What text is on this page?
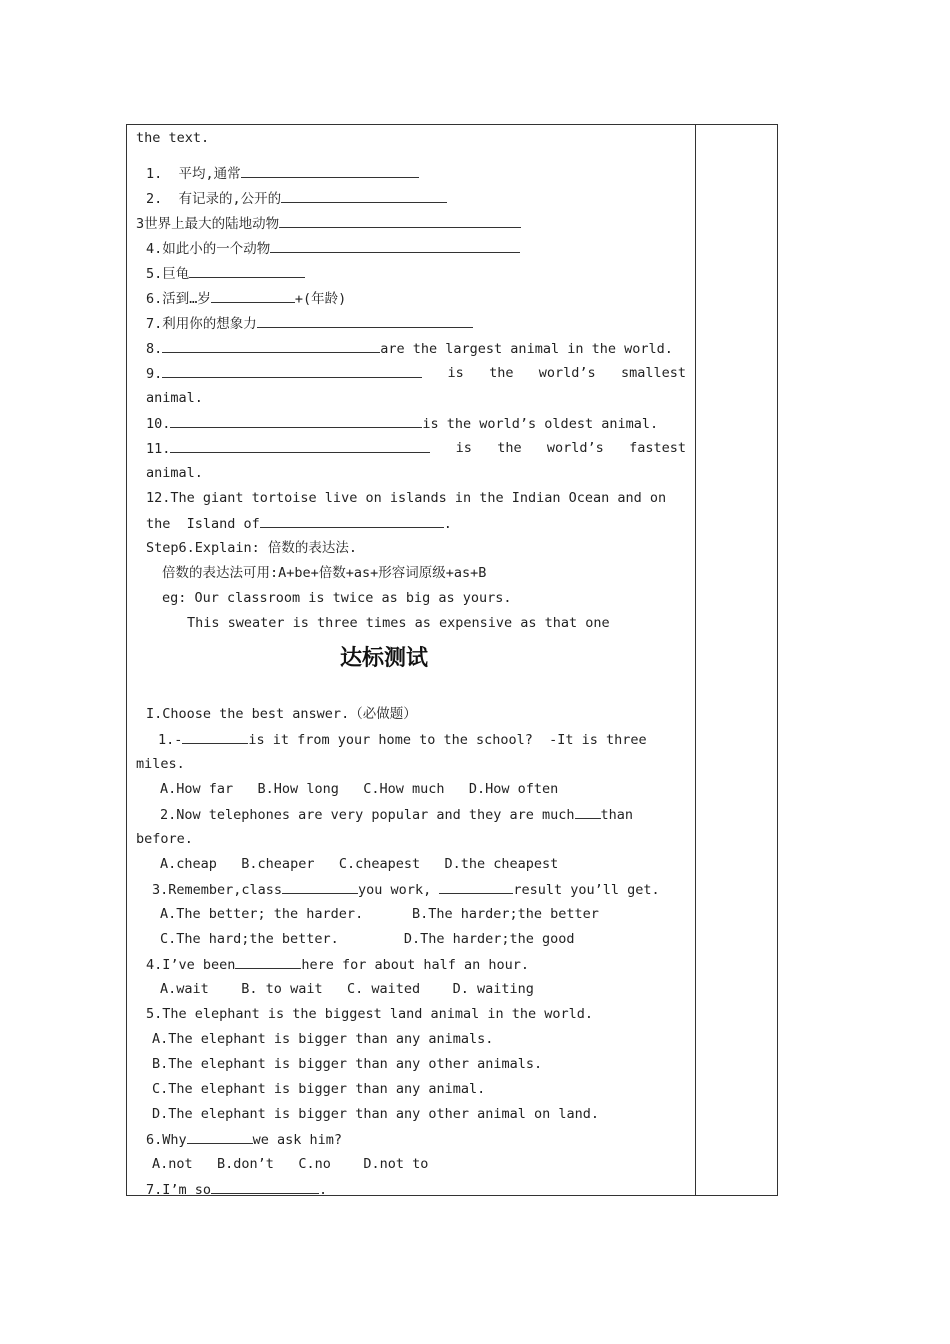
the text.
1. 平均,通常
2. 有记录的,公开的
3世界上最大的陆地动物
4.如此小的一个动物
5.巨龟
6.活到…岁	+(年龄)
7.利用你的想象力
8.	are the largest animal in the world.
9.	is the world’s smallest
animal.
10.	is the world’s oldest animal.
11.	is the world’s fastest
animal.
12.The giant tortoise live on islands in the Indian Ocean and on
the  Island of	.
Step6.Explain: 倍数的表达法.
倍数的表达法可用:A+be+倍数+as+形容词原级+as+B
eg: Our classroom is twice as big as yours.
This sweater is three times as expensive as that one
达标测试
I.Choose the best answer.（必做题）
1.-	is it from your home to the school?  -It is three
miles.
A.How far B.How long C.How much D.How often
2.Now telephones are very popular and they are much than
before.
A.cheap B.cheaper C.cheapest D.the cheapest
3.Remember,class	you work,	result you’ll get.
A.The better; the harder.	B.The harder;the better
C.The hard;the better.	D.The harder;the good
4.I’ve been	here for about half an hour.
A.wait B. to wait C. waited D. waiting
5.The elephant is the biggest land animal in the world.
A.The elephant is bigger than any animals.
B.The elephant is bigger than any other animals.
C.The elephant is bigger than any animal.
D.The elephant is bigger than any other animal on land.
6.Why	we ask him?
A.not B.don’t C.no D.not to
7.I’m so	.
